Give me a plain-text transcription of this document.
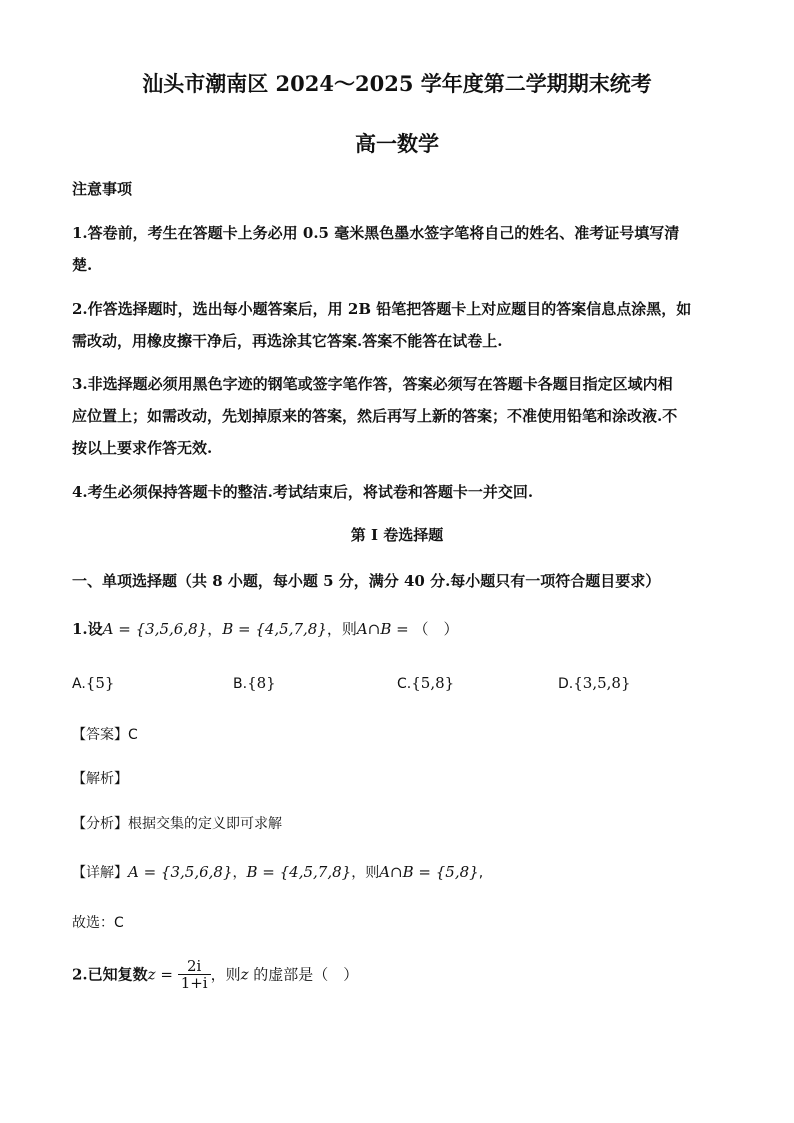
汕头市潮南区 2024～2025 学年度第二学期期末统考
高一数学
注意事项
1.答卷前，考生在答题卡上务必用 0.5 毫米黑色墨水签字笔将自己的姓名、准考证号填写清
楚.
2.作答选择题时，选出每小题答案后，用 2B 铅笔把答题卡上对应题目的答案信息点涂黑，如
需改动，用橡皮擦干净后，再选涂其它答案.答案不能答在试卷上.
3.非选择题必须用黑色字迹的钢笔或签字笔作答，答案必须写在答题卡各题目指定区域内相
应位置上；如需改动，先划掉原来的答案，然后再写上新的答案；不准使用铅笔和涂改液.不
按以上要求作答无效.
4.考生必须保持答题卡的整洁.考试结束后，将试卷和答题卡一并交回.
第 I 卷选择题
一、单项选择题（共 8 小题，每小题 5 分，满分 40 分.每小题只有一项符合题目要求）
1.设A = {3,5,6,8}，B = {4,5,7,8}，则A∩B = （　）
A.{5}	B.{8}	C.{5,8}	D.{3,5,8}
【答案】C
【解析】
【分析】根据交集的定义即可求解
【详解】A = {3,5,6,8}，B = {4,5,7,8}，则A∩B = {5,8},
故选：C
2.已知复数$z = \frac{2i}{1+i}$ ，则z 的虚部是（　）
